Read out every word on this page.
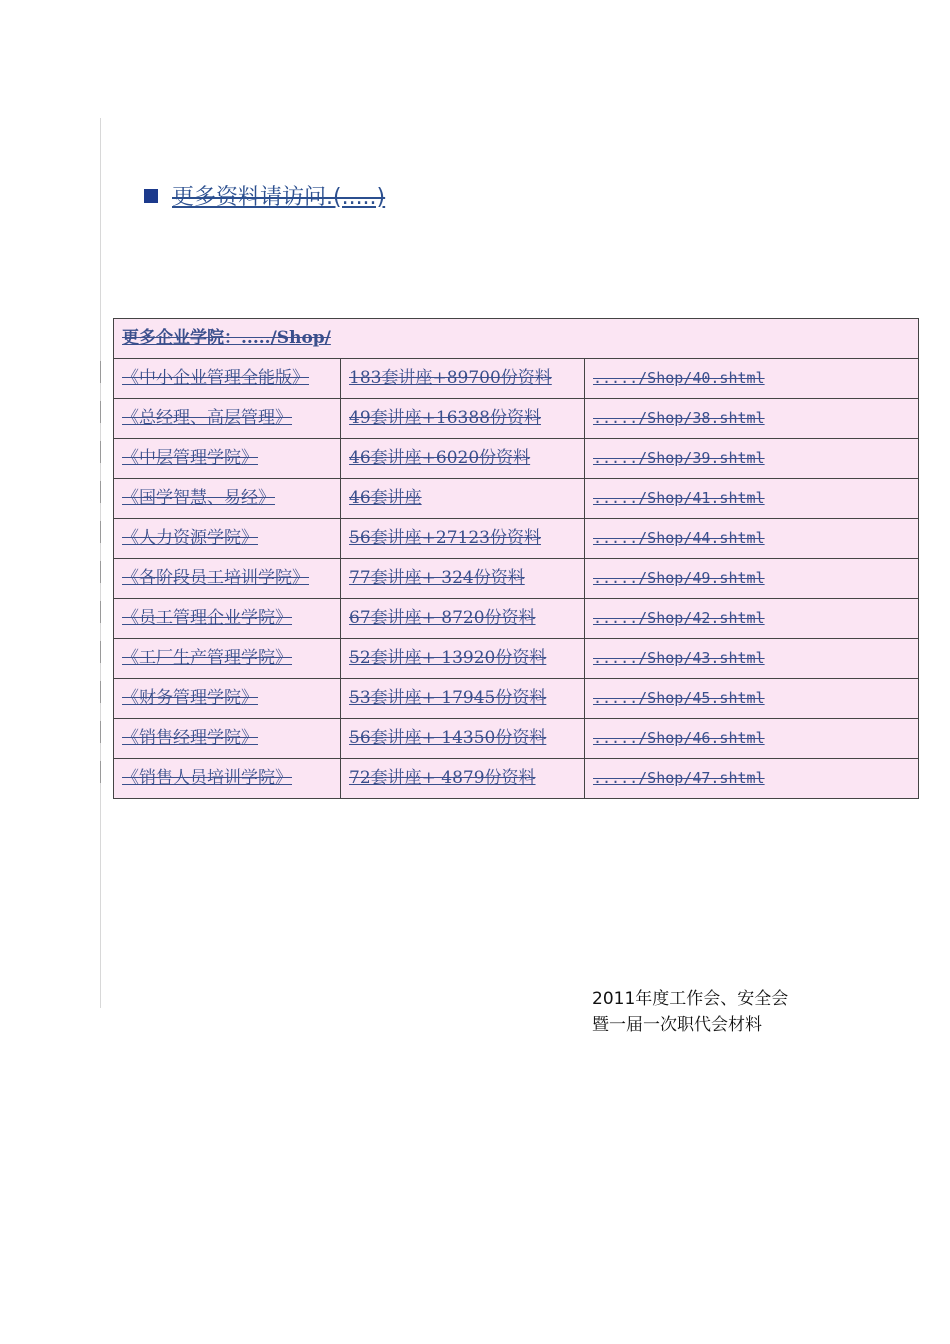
更多资料请访问.(.....)
更多企业学院：...../Shop/		
《中小企业管理全能版》	183套讲座+89700份资料	...../Shop/40.shtml
《总经理、高层管理》	49套讲座+16388份资料	...../Shop/38.shtml
《中层管理学院》	46套讲座+6020份资料	...../Shop/39.shtml
《国学智慧、易经》	46套讲座	...../Shop/41.shtml
《人力资源学院》	56套讲座+27123份资料	...../Shop/44.shtml
《各阶段员工培训学院》	77套讲座+ 324份资料	...../Shop/49.shtml
《员工管理企业学院》	67套讲座+ 8720份资料	...../Shop/42.shtml
《工厂生产管理学院》	52套讲座+ 13920份资料	...../Shop/43.shtml
《财务管理学院》	53套讲座+ 17945份资料	...../Shop/45.shtml
《销售经理学院》	56套讲座+ 14350份资料	...../Shop/46.shtml
《销售人员培训学院》	72套讲座+ 4879份资料	...../Shop/47.shtml
2011年度工作会、安全会
暨一届一次职代会材料
